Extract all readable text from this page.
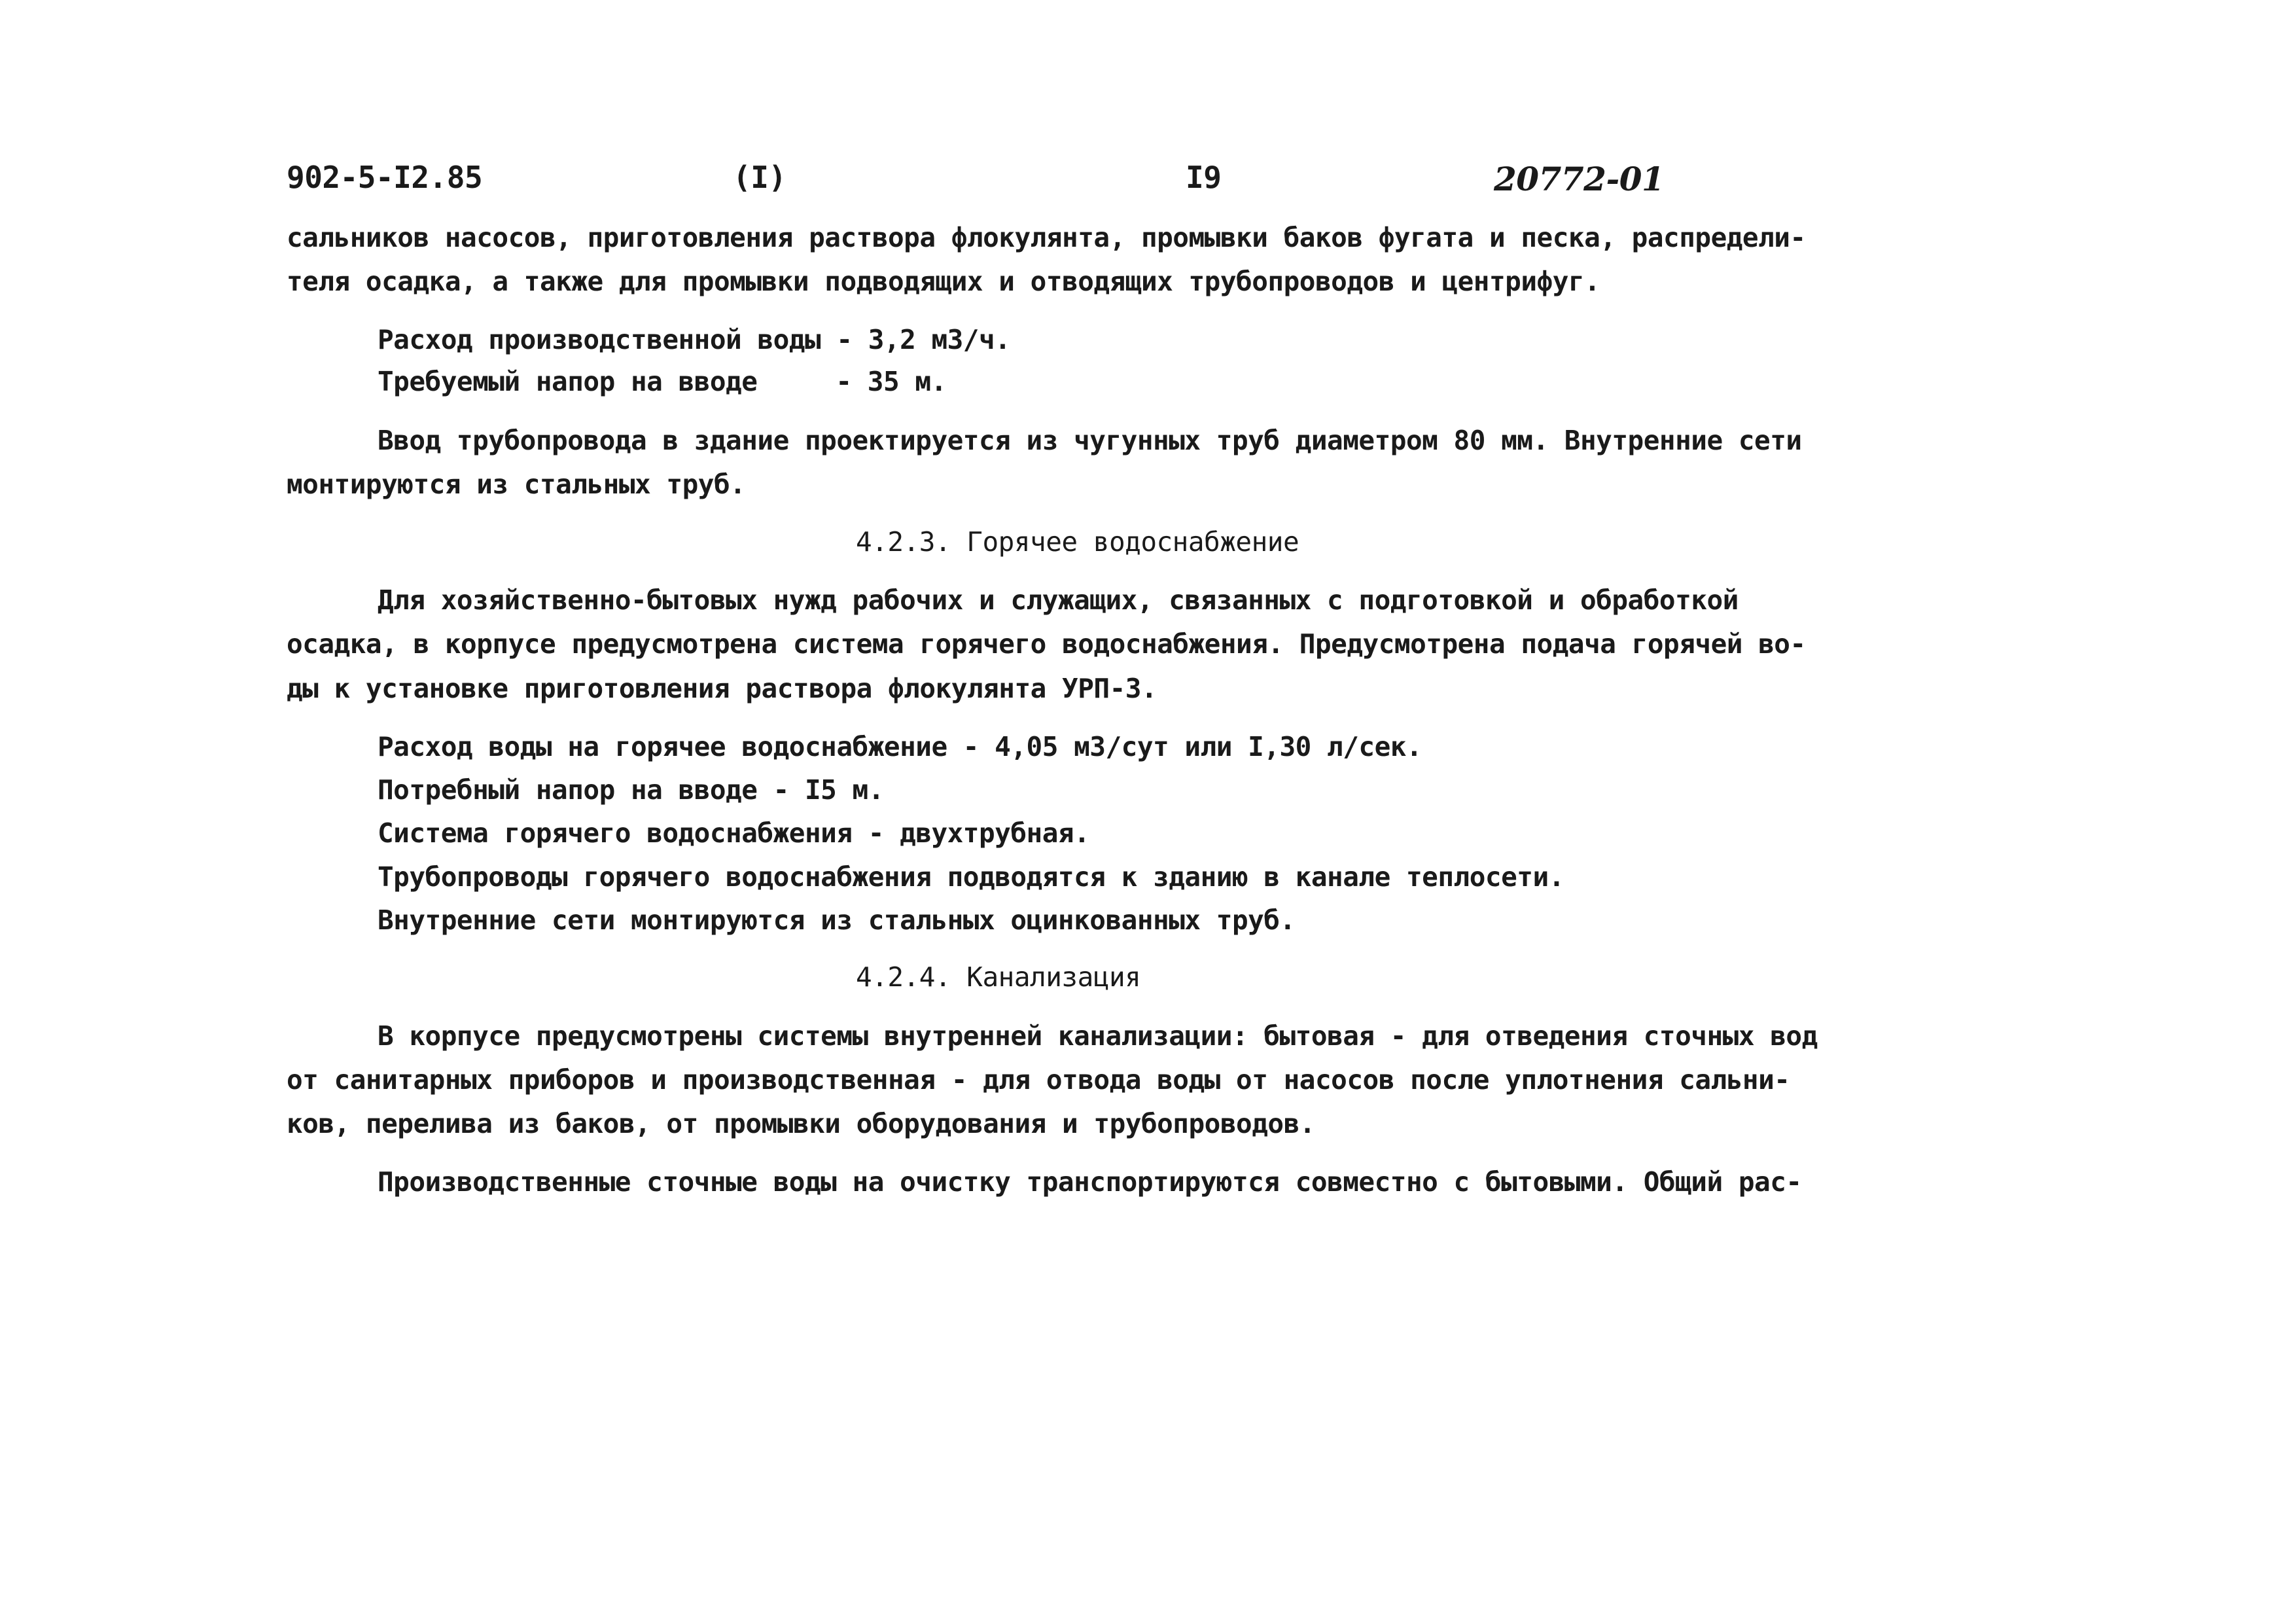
902-5-I2.85	(I)	I9	20772-01
сальников насосов, приготовления раствора флокулянта, промывки баков фугата и песка, распредели-
теля осадка, а также для промывки подводящих и отводящих трубопроводов и центрифуг.
Расход производственной воды - 3,2 м3/ч.
Требуемый напор на вводе	- 35 м.
Ввод трубопровода в здание проектируется из чугунных труб диаметром 80 мм. Внутренние сети
монтируются из стальных труб.
4.2.3. Горячее водоснабжение
Для хозяйственно-бытовых нужд рабочих и служащих, связанных с подготовкой и обработкой
осадка, в корпусе предусмотрена система горячего водоснабжения. Предусмотрена подача горячей во-
ды к установке приготовления раствора флокулянта УРП-3.
Расход воды на горячее водоснабжение - 4,05 м3/сут или I,30 л/сек.
Потребный напор на вводе - I5 м.
Система горячего водоснабжения - двухтрубная.
Трубопроводы горячего водоснабжения подводятся к зданию в канале теплосети.
Внутренние сети монтируются из стальных оцинкованных труб.
4.2.4. Канализация
В корпусе предусмотрены системы внутренней канализации: бытовая - для отведения сточных вод
от санитарных приборов и производственная - для отвода воды от насосов после уплотнения сальни-
ков, перелива из баков, от промывки оборудования и трубопроводов.
Производственные сточные воды на очистку транспортируются совместно с бытовыми. Общий рас-
